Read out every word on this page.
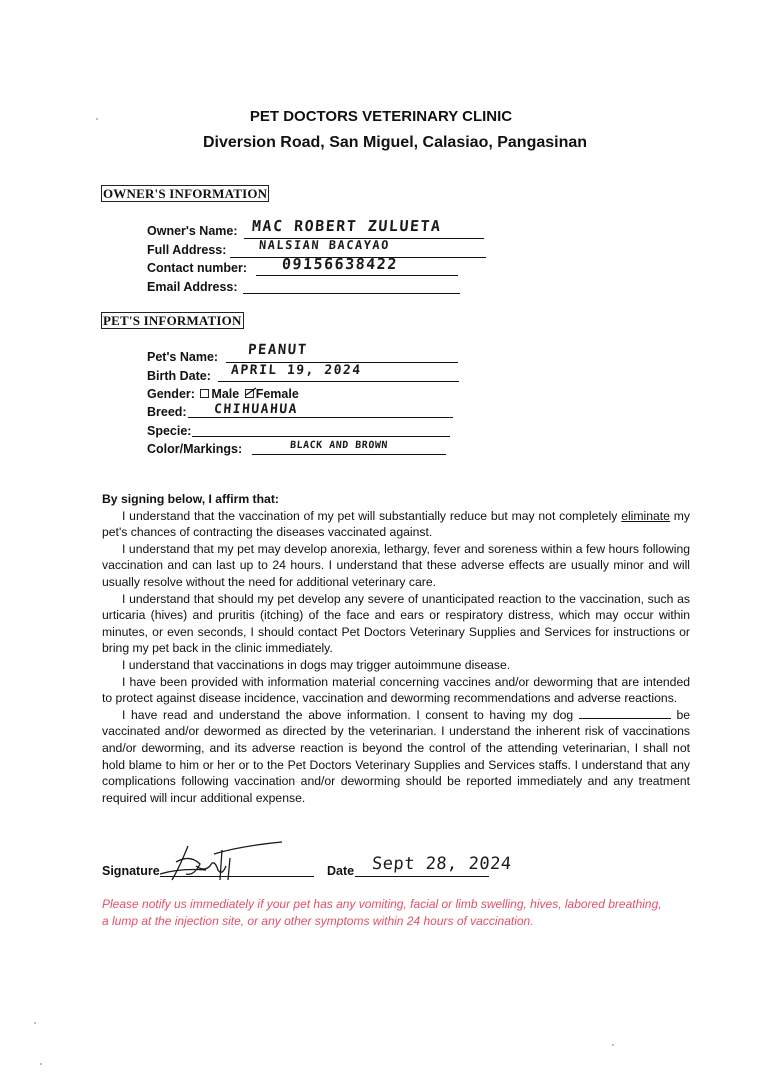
PET DOCTORS VETERINARY CLINIC
Diversion Road, San Miguel, Calasiao, Pangasinan
OWNER'S INFORMATION
Owner's Name: MAC ROBERT ZULUETA
Full Address:	NALSIAN BACAYAO
Contact number: 09156638422
Email Address:
PET'S INFORMATION
Pet's Name: PEANUT
Birth Date: APRIL 19, 2024
Gender: Male Female
Breed: CHIHUAHUA
Specie:
Color/Markings:	BLACK AND BROWN

By signing below, I affirm that:

I understand that the vaccination of my pet will substantially reduce but may not completely eliminate my pet's chances of contracting the diseases vaccinated against.

I understand that my pet may develop anorexia, lethargy, fever and soreness within a few hours following vaccination and can last up to 24 hours. I understand that these adverse effects are usually minor and will usually resolve without the need for additional veterinary care.

I understand that should my pet develop any severe of unanticipated reaction to the vaccination, such as urticaria (hives) and pruritis (itching) of the face and ears or respiratory distress, which may occur within minutes, or even seconds, I should contact Pet Doctors Veterinary Supplies and Services for instructions or bring my pet back in the clinic immediately.

I understand that vaccinations in dogs may trigger autoimmune disease.

I have been provided with information material concerning vaccines and/or deworming that are intended to protect against disease incidence, vaccination and deworming recommendations and adverse reactions.

I have read and understand the above information. I consent to having my dog	be vaccinated and/or dewormed as directed by the veterinarian. I understand the inherent risk of vaccinations and/or deworming, and its adverse reaction is beyond the control of the attending veterinarian, I shall not hold blame to him or her or to the Pet Doctors Veterinary Supplies and Services staffs. I understand that any complications following vaccination and/or deworming should be reported immediately and any treatment required will incur additional expense.

Signature	Date Sept 28, 2024
Please notify us immediately if your pet has any vomiting, facial or limb swelling, hives, labored breathing, a lump at the injection site, or any other symptoms within 24 hours of vaccination.
